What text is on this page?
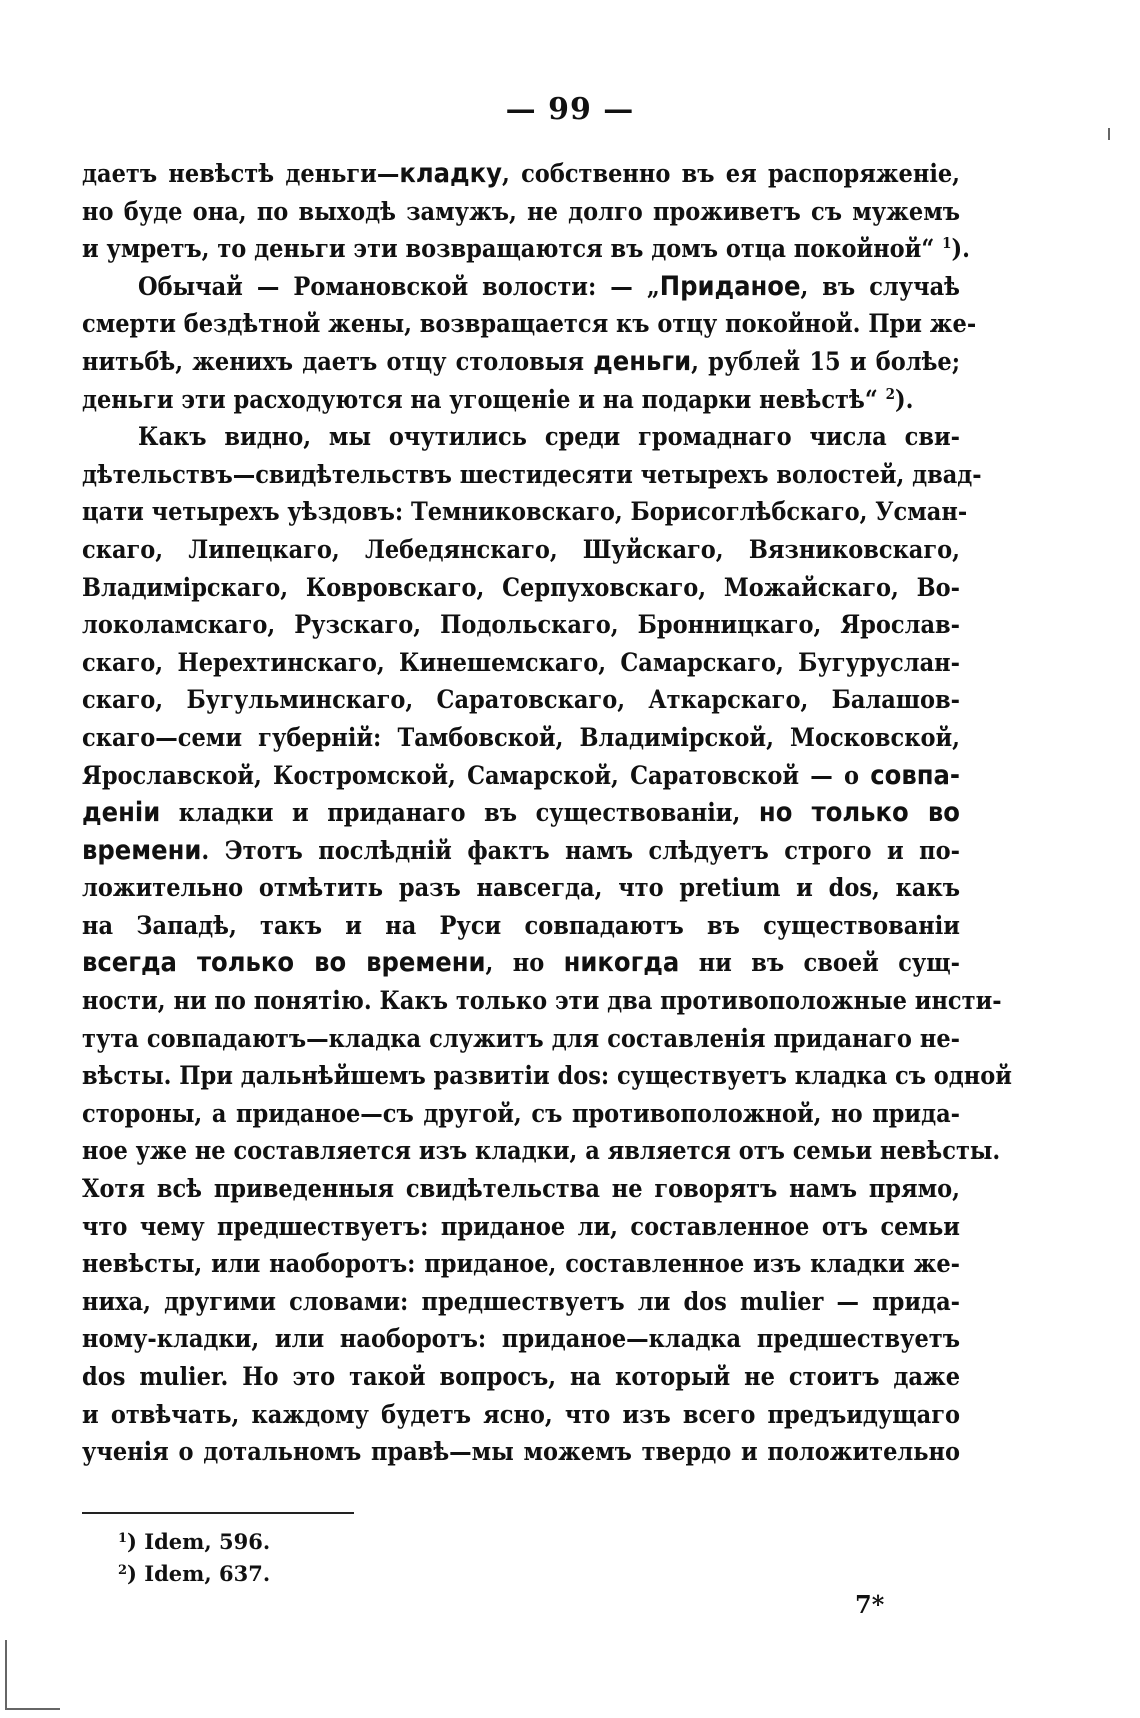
— 99 —
даетъ невѣстѣ деньги—кладку, собственно въ ея распоряженіе,
но буде она, по выходѣ замужъ, не долго проживетъ съ мужемъ
и умретъ, то деньги эти возвращаются въ домъ отца покойной“ $^1$).
Обычай — Романовской волости: — „Приданое, въ случаѣ
смерти бездѣтной жены, возвращается къ отцу покойной. При же-
нитьбѣ, женихъ даетъ отцу столовыя деньги, рублей 15 и болѣе;
деньги эти расходуются на угощеніе и на подарки невѣстѣ“ $^2$).
Какъ видно, мы очутились среди громаднаго числа сви-
дѣтельствъ—свидѣтельствъ шестидесяти четырехъ волостей, двад-
цати четырехъ уѣздовъ: Темниковскаго, Борисоглѣбскаго, Усман-
скаго, Липецкаго, Лебедянскаго, Шуйскаго, Вязниковскаго,
Владимірскаго, Ковровскаго, Серпуховскаго, Можайскаго, Во-
локоламскаго, Рузскаго, Подольскаго, Бронницкаго, Ярослав-
скаго, Нерехтинскаго, Кинешемскаго, Самарскаго, Бугуруслан-
скаго, Бугульминскаго, Саратовскаго, Аткарскаго, Балашов-
скаго—семи губерній: Тамбовской, Владимірской, Московской,
Ярославской, Костромской, Самарской, Саратовской — о совпа-
деніи кладки и приданаго въ существованіи, но только во
времени. Этотъ послѣдній фактъ намъ слѣдуетъ строго и по-
ложительно отмѣтить разъ навсегда, что pretium и dos, какъ
на Западѣ, такъ и на Руси совпадаютъ въ существованіи
всегда только во времени, но никогда ни въ своей сущ-
ности, ни по понятію. Какъ только эти два противоположные инсти-
тута совпадаютъ—кладка служитъ для составленія приданаго не-
вѣсты. При дальнѣйшемъ развитіи dos: существуетъ кладка съ одной
стороны, а приданое—съ другой, съ противоположной, но прида-
ное уже не составляется изъ кладки, а является отъ семьи невѣсты.
Хотя всѣ приведенныя свидѣтельства не говорятъ намъ прямо,
что чему предшествуетъ: приданое ли, составленное отъ семьи
невѣсты, или наоборотъ: приданое, составленное изъ кладки же-
ниха, другими словами: предшествуетъ ли dos mulier — прида-
ному-кладки, или наоборотъ: приданое—кладка предшествуетъ
dos mulier. Но это такой вопросъ, на который не стоитъ даже
и отвѣчать, каждому будетъ ясно, что изъ всего предъидущаго
ученія о дотальномъ правѣ—мы можемъ твердо и положительно
$^1$) Idem, 596.
$^2$) Idem, 637.
7*
